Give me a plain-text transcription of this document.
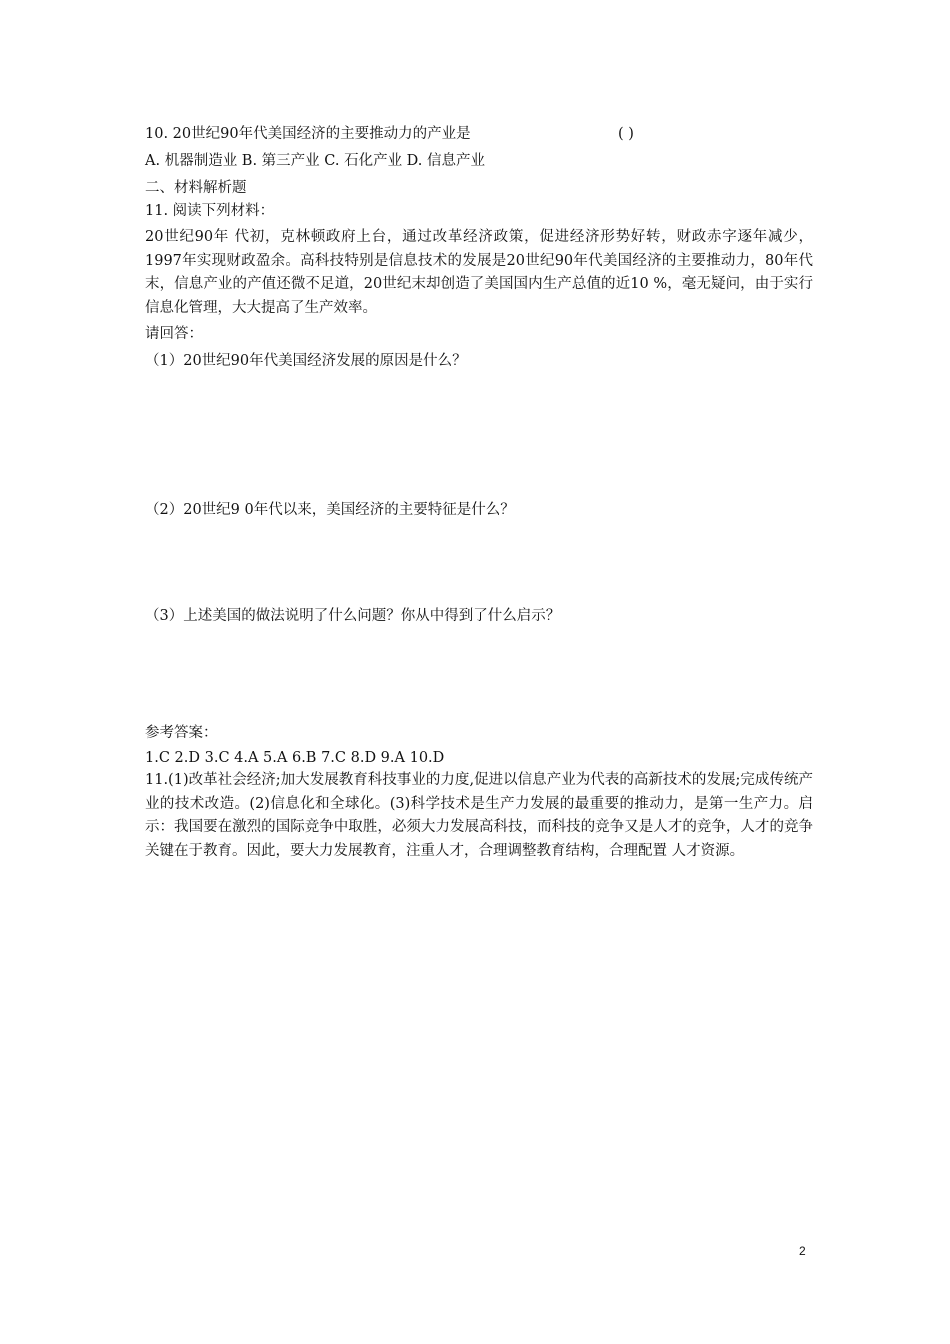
10. 20世纪90年代美国经济的主要推动力的产业是	( )
A. 机器制造业 B. 第三产业 C. 石化产业 D. 信息产业
二、材料解析题
11. 阅读下列材料：
20世纪90年 代初，克林顿政府上台，通过改革经济政策，促进经济形势好转，财政赤字逐年减少，1997年实现财政盈余。高科技特别是信息技术的发展是20世纪90年代美国经济的主要推动力，80年代末，信息产业的产值还微不足道，20世纪末却创造了美国国内生产总值的近10 %，毫无疑问，由于实行信息化管理，大大提高了生产效率。
请回答：
（1）20世纪90年代美国经济发展的原因是什么？
（2）20世纪9 0年代以来，美国经济的主要特征是什么？
（3）上述美国的做法说明了什么问题？你从中得到了什么启示？
参考答案：
1.C 2.D 3.C 4.A 5.A 6.B 7.C 8.D 9.A 10.D
11.(1)改革社会经济;加大发展教育科技事业的力度,促进以信息产业为代表的高新技术的发展;完成传统产业的技术改造。(2)信息化和全球化。(3)科学技术是生产力发展的最重要的推动力，是第一生产力。启示：我国要在激烈的国际竞争中取胜，必须大力发展高科技，而科技的竞争又是人才的竞争，人才的竞争关键在于教育。因此，要大力发展教育，注重人才，合理调整教育结构，合理配置 人才资源。
2
